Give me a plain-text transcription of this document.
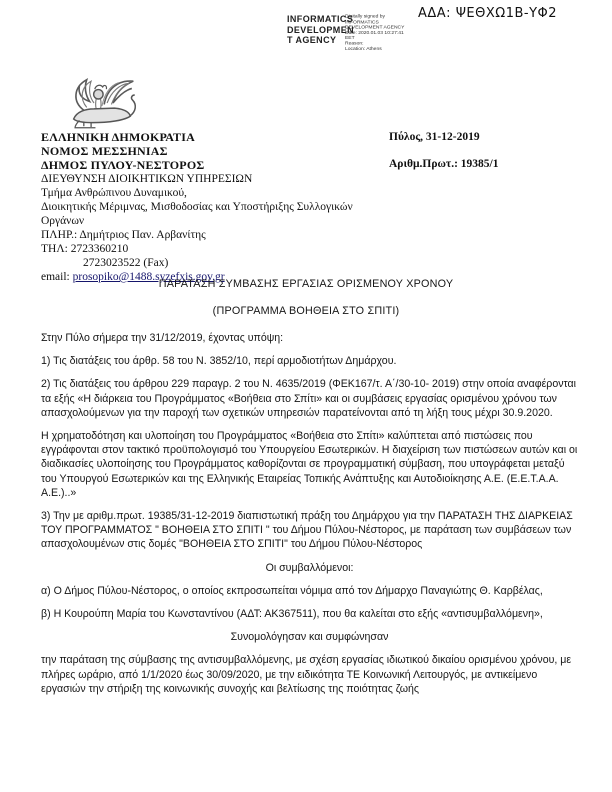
ΑΔΑ: ΨΕΘΧΩ1Β-ΥΦ2
INFORMATICS
DEVELOPMEN
T AGENCY
Digitally signed by
INFORMATICS
DEVELOPMENT AGENCY
Date: 2020.01.03 10:27:41
EET
Reason:
Location: Athens
ΕΛΛΗΝΙΚΗ ΔΗΜΟΚΡΑΤΙΑ
ΝΟΜΟΣ ΜΕΣΣΗΝΙΑΣ
ΔΗΜΟΣ ΠΥΛΟΥ-ΝΕΣΤΟΡΟΣ
ΔΙΕΥΘΥΝΣΗ ΔΙΟΙΚΗΤΙΚΩΝ ΥΠΗΡΕΣΙΩΝ
Τμήμα Ανθρώπινου Δυναμικού,
Διοικητικής Μέριμνας, Μισθοδοσίας και Υποστήριξης Συλλογικών Οργάνων
ΠΛΗΡ.: Δημήτριος Παν. Αρβανίτης
ΤΗΛ: 2723360210
2723023522 (Fax)
email: prosopiko@1488.syzefxis.gov.gr
Πύλος, 31-12-2019
Αριθμ.Πρωτ.: 19385/1
ΠΑΡΑΤΑΣΗ ΣΥΜΒΑΣΗΣ ΕΡΓΑΣΙΑΣ ΟΡΙΣΜΕΝΟΥ ΧΡΟΝΟΥ
(ΠΡΟΓΡΑΜΜΑ ΒΟΗΘΕΙΑ ΣΤΟ ΣΠΙΤΙ)

Στην Πύλο σήμερα την 31/12/2019, έχοντας υπόψη:

1) Τις διατάξεις του άρθρ. 58 του Ν. 3852/10, περί αρμοδιοτήτων Δημάρχου.

2) Τις διατάξεις του άρθρου 229 παραγρ. 2 του Ν. 4635/2019 (ΦΕΚ167/τ. Α΄/30-10- 2019) στην οποία αναφέρονται τα εξής «Η διάρκεια του Προγράμματος «Βοήθεια στο Σπίτι» και οι συμβάσεις εργασίας ορισμένου χρόνου των απασχολούμενων για την παροχή των σχετικών υπηρεσιών παρατείνονται από τη λήξη τους μέχρι 30.9.2020.

Η χρηματοδότηση και υλοποίηση του Προγράμματος «Βοήθεια στο Σπίτι» καλύπτεται από πιστώσεις που εγγράφονται στον τακτικό προϋπολογισμό του Υπουργείου Εσωτερικών. Η διαχείριση των πιστώσεων αυτών και οι διαδικασίες υλοποίησης του Προγράμματος καθορίζονται σε προγραμματική σύμβαση, που υπογράφεται μεταξύ του Υπουργού Εσωτερικών και της Ελληνικής Εταιρείας Τοπικής Ανάπτυξης και Αυτοδιοίκησης Α.Ε. (Ε.Ε.Τ.Α.Α. Α.Ε.)..»

3) Την με αριθμ.πρωτ. 19385/31-12-2019 διαπιστωτική πράξη του Δημάρχου για την ΠΑΡΑΤΑΣΗ ΤΗΣ ΔΙΑΡΚΕΙΑΣ ΤΟΥ ΠΡΟΓΡΑΜΜΑΤΟΣ " ΒΟΗΘΕΙΑ ΣΤΟ ΣΠΙΤΙ " του Δήμου Πύλου-Νέστορος, με παράταση των συμβάσεων των απασχολουμένων στις δομές "ΒΟΗΘΕΙΑ ΣΤΟ ΣΠΙΤΙ" του Δήμου Πύλου-Νέστορος

Οι συμβαλλόμενοι:

α) Ο Δήμος Πύλου-Νέστορος, ο οποίος εκπροσωπείται νόμιμα από τον Δήμαρχο Παναγιώτης Θ. Καρβέλας,

β) Η Κουρούπη Μαρία του Κωνσταντίνου (ΑΔΤ: ΑΚ367511), που θα καλείται στο εξής «αντισυμβαλλόμενη»,

Συνομολόγησαν και συμφώνησαν

την παράταση της σύμβασης της αντισυμβαλλόμενης, με σχέση εργασίας ιδιωτικού δικαίου ορισμένου χρόνου, με πλήρες ωράριο, από 1/1/2020 έως 30/09/2020, με την ειδικότητα ΤΕ Κοινωνική Λειτουργός, με αντικείμενο εργασιών την στήριξη της κοινωνικής συνοχής και βελτίωσης της ποιότητας ζωής
